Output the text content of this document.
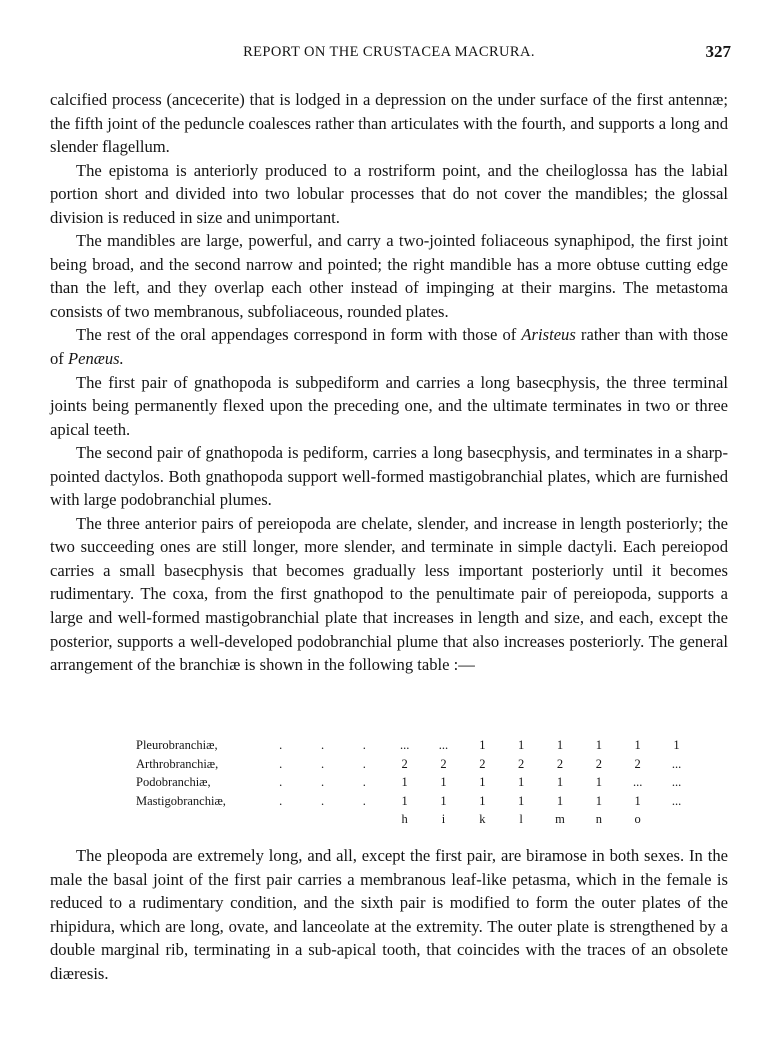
REPORT ON THE CRUSTACEA MACRURA.	327

calcified process (ancecerite) that is lodged in a depression on the under surface of the first antennæ; the fifth joint of the peduncle coalesces rather than articulates with the fourth, and supports a long and slender flagellum.

The epistoma is anteriorly produced to a rostriform point, and the cheiloglossa has the labial portion short and divided into two lobular processes that do not cover the mandibles; the glossal division is reduced in size and unimportant.

The mandibles are large, powerful, and carry a two-jointed foliaceous synaphipod, the first joint being broad, and the second narrow and pointed; the right mandible has a more obtuse cutting edge than the left, and they overlap each other instead of impinging at their margins. The metastoma consists of two membranous, subfoliaceous, rounded plates.

The rest of the oral appendages correspond in form with those of Aristeus rather than with those of Penæus.

The first pair of gnathopoda is subpediform and carries a long basecphysis, the three terminal joints being permanently flexed upon the preceding one, and the ultimate terminates in two or three apical teeth.

The second pair of gnathopoda is pediform, carries a long basecphysis, and terminates in a sharp-pointed dactylos. Both gnathopoda support well-formed mastigobranchial plates, which are furnished with large podobranchial plumes.

The three anterior pairs of pereiopoda are chelate, slender, and increase in length posteriorly; the two succeeding ones are still longer, more slender, and terminate in simple dactyli. Each pereiopod carries a small basecphysis that becomes gradually less important posteriorly until it becomes rudimentary. The coxa, from the first gnathopod to the penultimate pair of pereiopoda, supports a large and well-formed mastigobranchial plate that increases in length and size, and each, except the posterior, supports a well-developed podobranchial plume that also increases posteriorly. The general arrangement of the branchiæ is shown in the following table :—

Pleurobranchiæ,	.	.	.	...	...	1	1	1	1	1	1
Arthrobranchiæ,	.	.	.	2	2	2	2	2	2	2	...
Podobranchiæ,	.	.	.	1	1	1	1	1	1	...	...
Mastigobranchiæ,	.	.	.	1	1	1	1	1	1	1	...
				h	i	k	l	m	n	o	

The pleopoda are extremely long, and all, except the first pair, are biramose in both sexes. In the male the basal joint of the first pair carries a membranous leaf-like petasma, which in the female is reduced to a rudimentary condition, and the sixth pair is modified to form the outer plates of the rhipidura, which are long, ovate, and lanceolate at the extremity. The outer plate is strengthened by a double marginal rib, terminating in a sub-apical tooth, that coincides with the traces of an obsolete diæresis.
